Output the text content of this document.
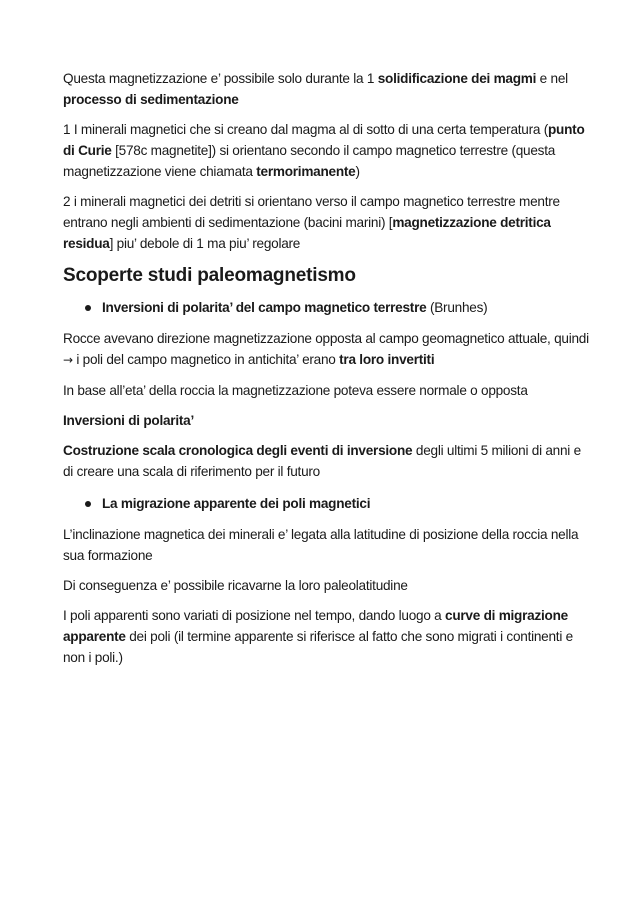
Questa magnetizzazione e’ possibile solo durante la 1 solidificazione dei magmi e nel processo di sedimentazione

1 I minerali magnetici che si creano dal magma al di sotto di una certa temperatura (punto di Curie [578c magnetite]) si orientano secondo il campo magnetico terrestre (questa magnetizzazione viene chiamata termorimanente)

2 i minerali magnetici dei detriti si orientano verso il campo magnetico terrestre mentre entrano negli ambienti di sedimentazione (bacini marini) [magnetizzazione detritica residua] piu’ debole di 1 ma piu’ regolare

Scoperte studi paleomagnetismo
Inversioni di polarita’ del campo magnetico terrestre (Brunhes)

Rocce avevano direzione magnetizzazione opposta al campo geomagnetico attuale, quindi → i poli del campo magnetico in antichita’ erano tra loro invertiti

In base all’eta’ della roccia la magnetizzazione poteva essere normale o opposta

Inversioni di polarita’

Costruzione scala cronologica degli eventi di inversione degli ultimi 5 milioni di anni e di creare una scala di riferimento per il futuro

La migrazione apparente dei poli magnetici

L’inclinazione magnetica dei minerali e’ legata alla latitudine di posizione della roccia nella sua formazione

Di conseguenza e’ possibile ricavarne la loro paleolatitudine

I poli apparenti sono variati di posizione nel tempo, dando luogo a curve di migrazione apparente dei poli (il termine apparente si riferisce al fatto che sono migrati i continenti e non i poli.)
